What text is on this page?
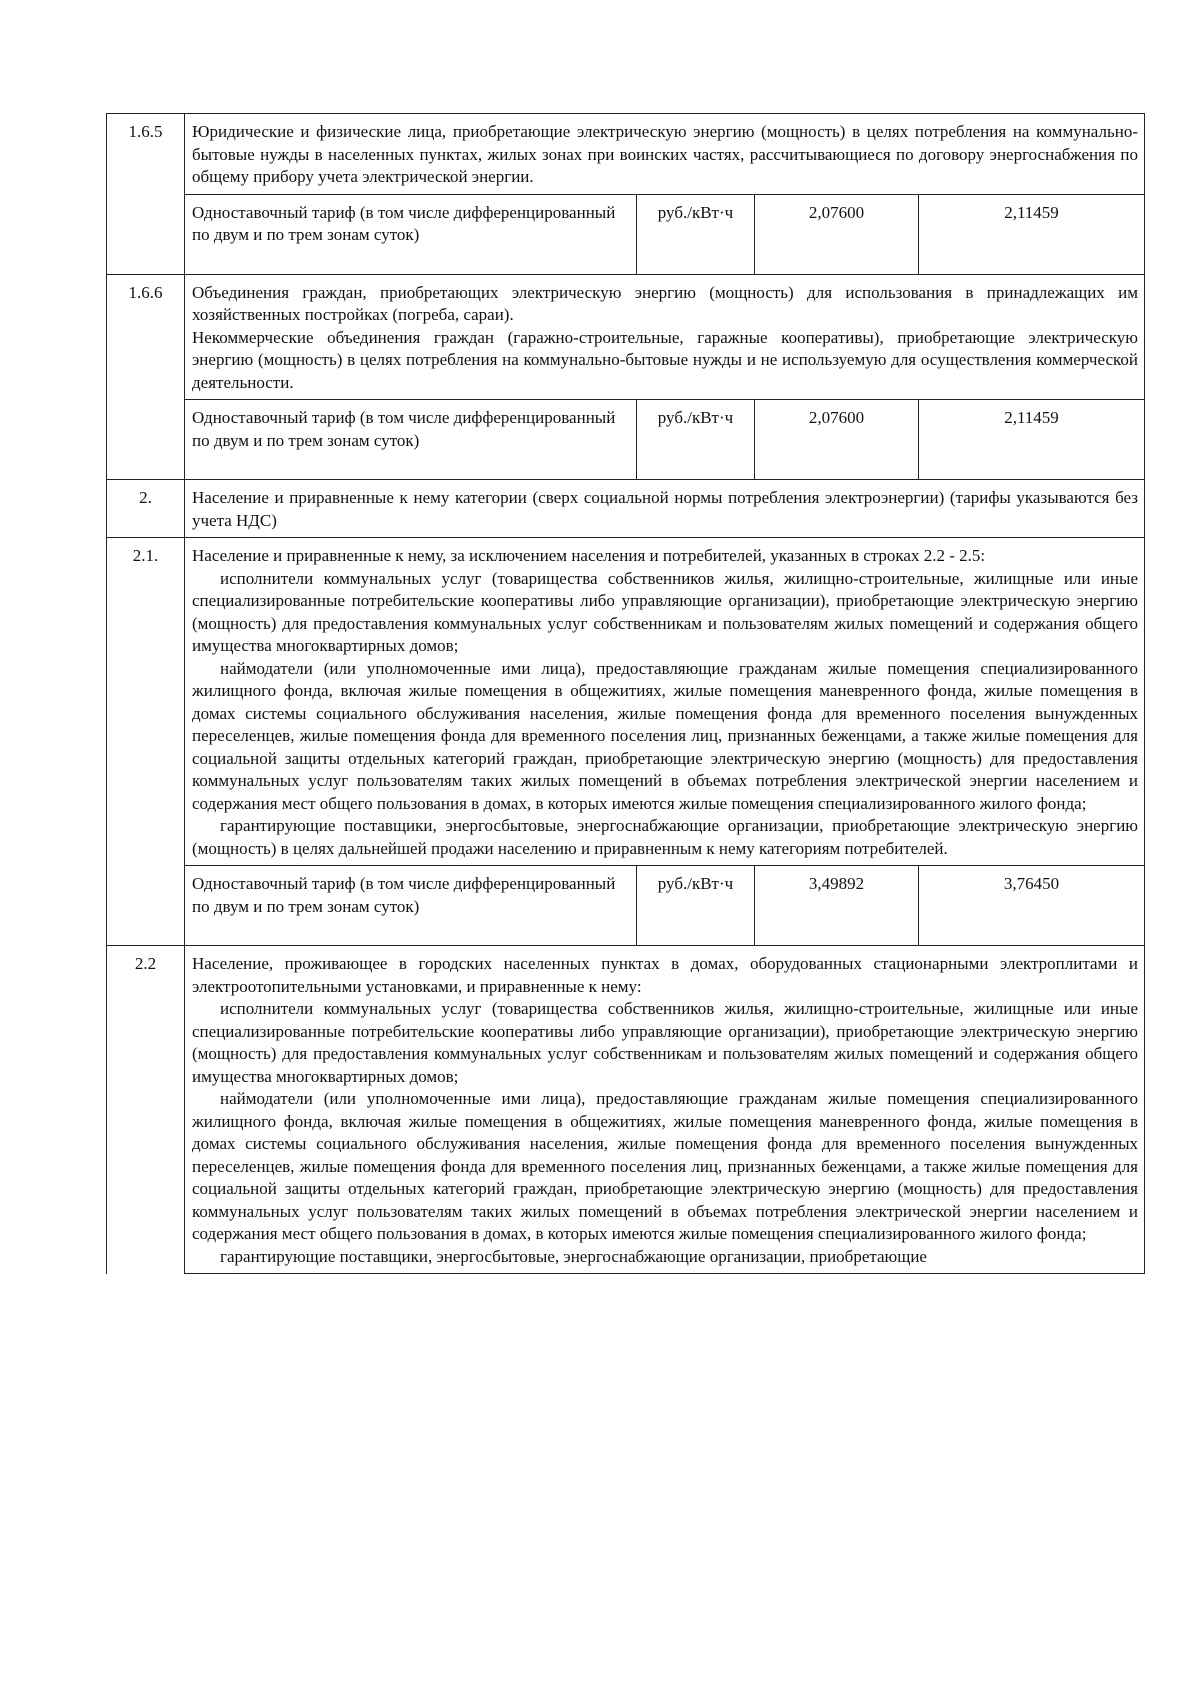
1.6.5	Юридические и физические лица, приобретающие электрическую энергию (мощность) в целях потребления на коммунально-бытовые нужды в населенных пунктах, жилых зонах при воинских частях, рассчитывающиеся по договору энергоснабжения по общему прибору учета электрической энергии.			

	Одноставочный тариф (в том числе дифференцированный по двум и по трем зонам суток)	руб./кВт·ч	2,07600	2,11459
1.6.6	Объединения граждан, приобретающих электрическую энергию (мощность) для использования в принадлежащих им хозяйственных постройках (погреба, сараи).

Некоммерческие объединения граждан (гаражно-строительные, гаражные кооперативы), приобретающие электрическую энергию (мощность) в целях потребления на коммунально-бытовые нужды и не используемую для осуществления коммерческой деятельности.			

	Одноставочный тариф (в том числе дифференцированный по двум и по трем зонам суток)	руб./кВт·ч	2,07600	2,11459
2.	Население и приравненные к нему категории (сверх социальной нормы потребления электроэнергии) (тарифы указываются без учета НДС)			

2.1.	Население и приравненные к нему, за исключением населения и потребителей, указанных в строках 2.2 - 2.5:

исполнители коммунальных услуг (товарищества собственников жилья, жилищно-строительные, жилищные или иные специализированные потребительские кооперативы либо управляющие организации), приобретающие электрическую энергию (мощность) для предоставления коммунальных услуг собственникам и пользователям жилых помещений и содержания общего имущества многоквартирных домов;

наймодатели (или уполномоченные ими лица), предоставляющие гражданам жилые помещения специализированного жилищного фонда, включая жилые помещения в общежитиях, жилые помещения маневренного фонда, жилые помещения в домах системы социального обслуживания населения, жилые помещения фонда для временного поселения вынужденных переселенцев, жилые помещения фонда для временного поселения лиц, признанных беженцами, а также жилые помещения для социальной защиты отдельных категорий граждан, приобретающие электрическую энергию (мощность) для предоставления коммунальных услуг пользователям таких жилых помещений в объемах потребления электрической энергии населением и содержания мест общего пользования в домах, в которых имеются жилые помещения специализированного жилого фонда;

гарантирующие поставщики, энергосбытовые, энергоснабжающие организации, приобретающие электрическую энергию (мощность) в целях дальнейшей продажи населению и приравненным к нему категориям потребителей.			

	Одноставочный тариф (в том числе дифференцированный по двум и по трем зонам суток)	руб./кВт·ч	3,49892	3,76450
2.2	Население, проживающее в городских населенных пунктах в домах, оборудованных стационарными электроплитами и электроотопительными установками, и приравненные к нему:

исполнители коммунальных услуг (товарищества собственников жилья, жилищно-строительные, жилищные или иные специализированные потребительские кооперативы либо управляющие организации), приобретающие электрическую энергию (мощность) для предоставления коммунальных услуг собственникам и пользователям жилых помещений и содержания общего имущества многоквартирных домов;

наймодатели (или уполномоченные ими лица), предоставляющие гражданам жилые помещения специализированного жилищного фонда, включая жилые помещения в общежитиях, жилые помещения маневренного фонда, жилые помещения в домах системы социального обслуживания населения, жилые помещения фонда для временного поселения вынужденных переселенцев, жилые помещения фонда для временного поселения лиц, признанных беженцами, а также жилые помещения для социальной защиты отдельных категорий граждан, приобретающие электрическую энергию (мощность) для предоставления коммунальных услуг пользователям таких жилых помещений в объемах потребления электрической энергии населением и содержания мест общего пользования в домах, в которых имеются жилые помещения специализированного жилого фонда;

гарантирующие поставщики, энергосбытовые, энергоснабжающие организации, приобретающие			
